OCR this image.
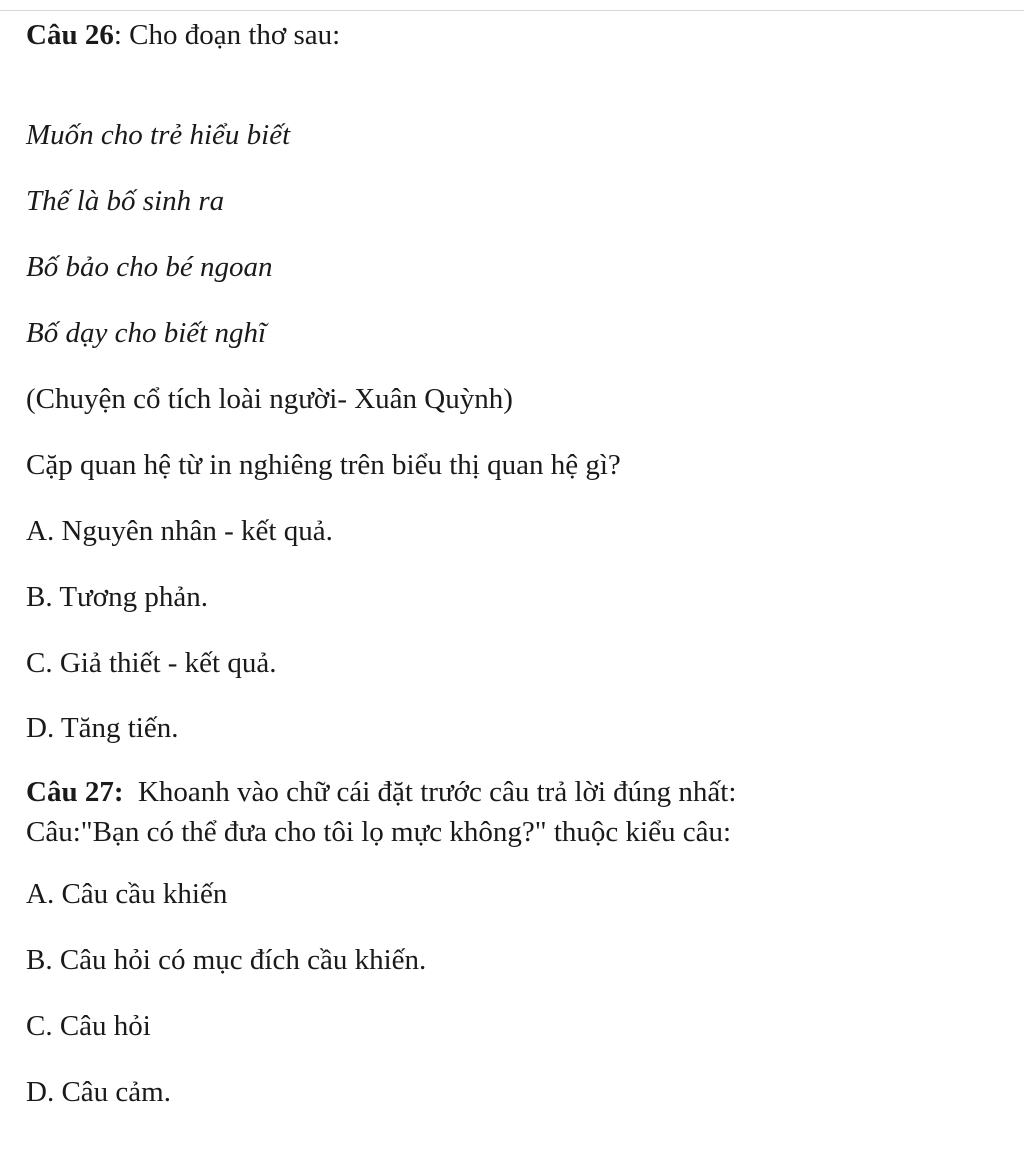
Câu 26: Cho đoạn thơ sau:
Muốn cho trẻ hiểu biết
Thế là bố sinh ra
Bố bảo cho bé ngoan
Bố dạy cho biết nghĩ
(Chuyện cổ tích loài người- Xuân Quỳnh)
Cặp quan hệ từ in nghiêng trên biểu thị quan hệ gì?
A. Nguyên nhân - kết quả.
B. Tương phản.
C. Giả thiết - kết quả.
D. Tăng tiến.
Câu 27:  Khoanh vào chữ cái đặt trước câu trả lời đúng nhất:
Câu:"Bạn có thể đưa cho tôi lọ mực không?" thuộc kiểu câu:
A. Câu cầu khiến
B. Câu hỏi có mục đích cầu khiến.
C. Câu hỏi
D. Câu cảm.
